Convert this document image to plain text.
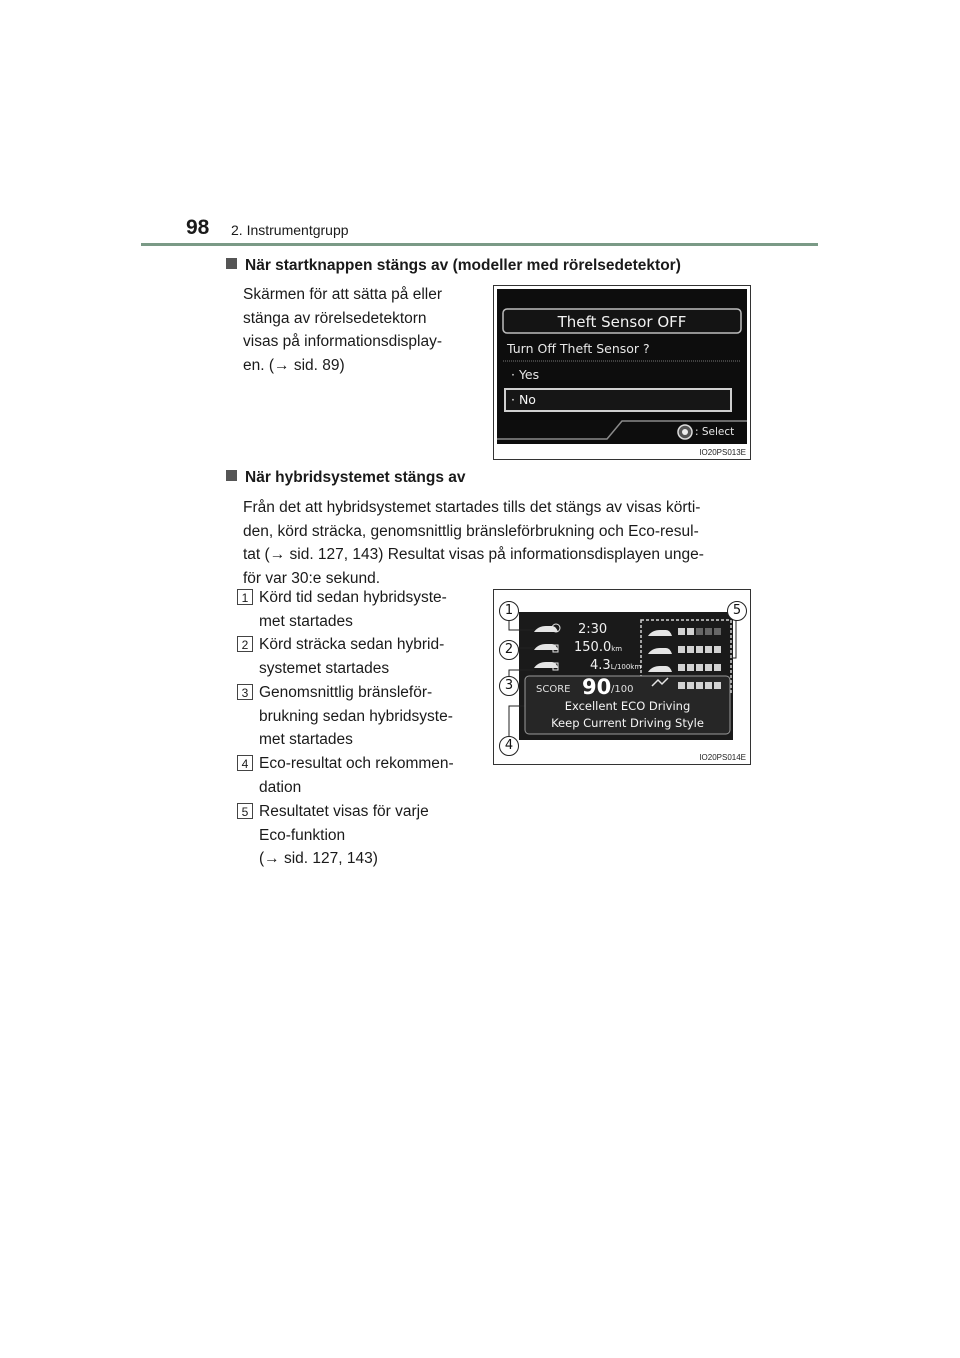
98 2. Instrumentgrupp
När startknappen stängs av (modeller med rörelsedetektor)
Skärmen för att sätta på eller
stänga av rörelsedetektorn
visas på informationsdisplay-
en. (→ sid. 89)
Theft Sensor OFF
Turn Off Theft Sensor ?
· Yes
· No
: Select
IO20PS013E
När hybridsystemet stängs av
Från det att hybridsystemet startades tills det stängs av visas körti-
den, körd sträcka, genomsnittlig bränsleförbrukning och Eco-resul-
tat (→ sid. 127, 143) Resultat visas på informationsdisplayen unge-
för var 30:e sekund.
1 Körd tid sedan hybridsyste-
met startades
2 Körd sträcka sedan hybrid-
systemet startades
3 Genomsnittlig bränsleför-
brukning sedan hybridsyste-
met startades
4 Eco-resultat och rekommen-
dation
5 Resultatet visas för varje
Eco-funktion
(→ sid. 127, 143)
2:30
150.0km
4.3L/100km
SCORE 90 /100
Excellent ECO Driving
Keep Current Driving Style
1
2
3
4
5
IO20PS014E
